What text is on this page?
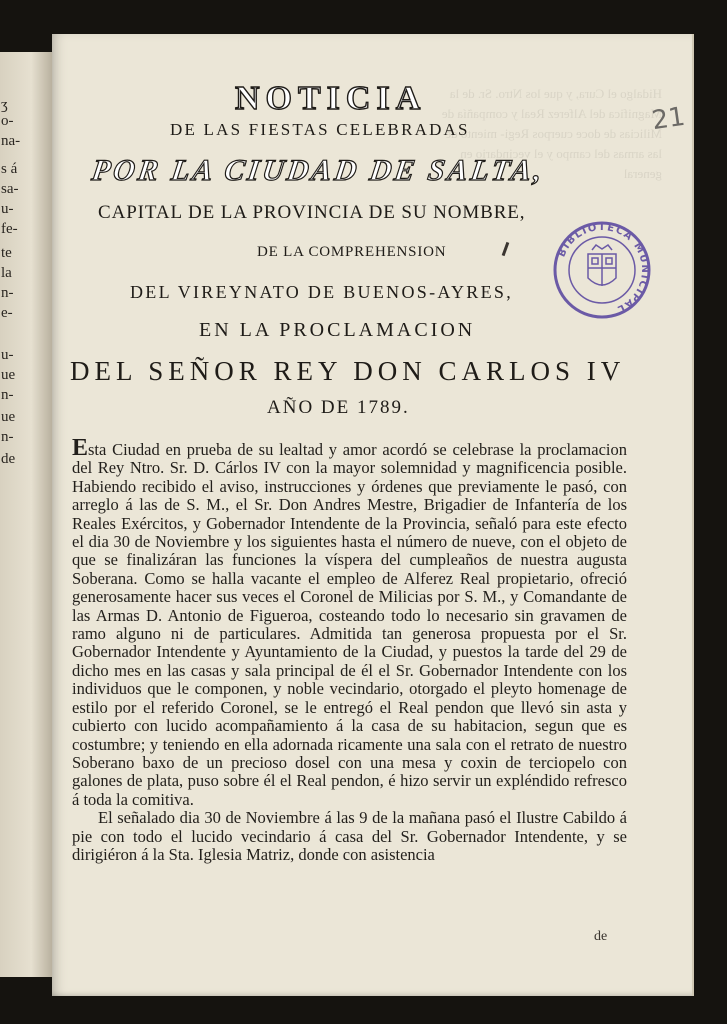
ʒ
o-
na-
s á
sa-
u-
fe-
te
la
n-
e-
u-
ue
n-
ue
n-
de
Hidalgo el Cura, y que los Ntro. Sr. de la Magnifica del Alferez Real y compañía de Milicias de doce cuerpos Regi- miento de las armas del campo y el vecindario en general
NOTICIA
DE LAS FIESTAS CELEBRADAS
POR LA CIUDAD DE SALTA,
CAPITAL DE LA PROVINCIA DE SU NOMBRE,
DE LA COMPREHENSION
DEL VIREYNATO DE BUENOS-AYRES,
EN LA PROCLAMACION
DEL SEÑOR REY DON CARLOS IV
AÑO DE 1789.
21
BIBLIOTECA MUNICIPAL

Esta Ciudad en prueba de su lealtad y amor acordó se celebrase la proclamacion del Rey Ntro. Sr. D. Cárlos IV con la mayor solemnidad y magnificencia posible. Habiendo recibido el aviso, instrucciones y órdenes que previamente le pasó, con arreglo á las de S. M., el Sr. Don Andres Mestre, Brigadier de Infantería de los Reales Exércitos, y Gobernador Intendente de la Provincia, señaló para este efecto el dia 30 de Noviembre y los siguientes hasta el número de nueve, con el objeto de que se finalizáran las funciones la víspera del cumpleaños de nuestra augusta Soberana. Como se halla vacante el empleo de Alferez Real propietario, ofreció generosamente hacer sus veces el Coronel de Milicias por S. M., y Comandante de las Armas D. Antonio de Figueroa, costeando todo lo necesario sin gravamen de ramo alguno ni de particulares. Admitida tan generosa propuesta por el Sr. Gobernador Intendente y Ayuntamiento de la Ciudad, y puestos la tarde del 29 de dicho mes en las casas y sala principal de él el Sr. Gobernador Intendente con los individuos que le componen, y noble vecindario, otorgado el pleyto homenage de estilo por el referido Coronel, se le entregó el Real pendon que llevó sin asta y cubierto con lucido acompañamiento á la casa de su habitacion, segun que es costumbre; y teniendo en ella adornada ricamente una sala con el retrato de nuestro Soberano baxo de un precioso dosel con una mesa y coxin de terciopelo con galones de plata, puso sobre él el Real pendon, é hizo servir un expléndido refresco á toda la comitiva.

El señalado dia 30 de Noviembre á las 9 de la mañana pasó el Ilustre Cabildo á pie con todo el lucido vecindario á casa del Sr. Gobernador Intendente, y se dirigiéron á la Sta. Iglesia Matriz, donde con asistencia

de
